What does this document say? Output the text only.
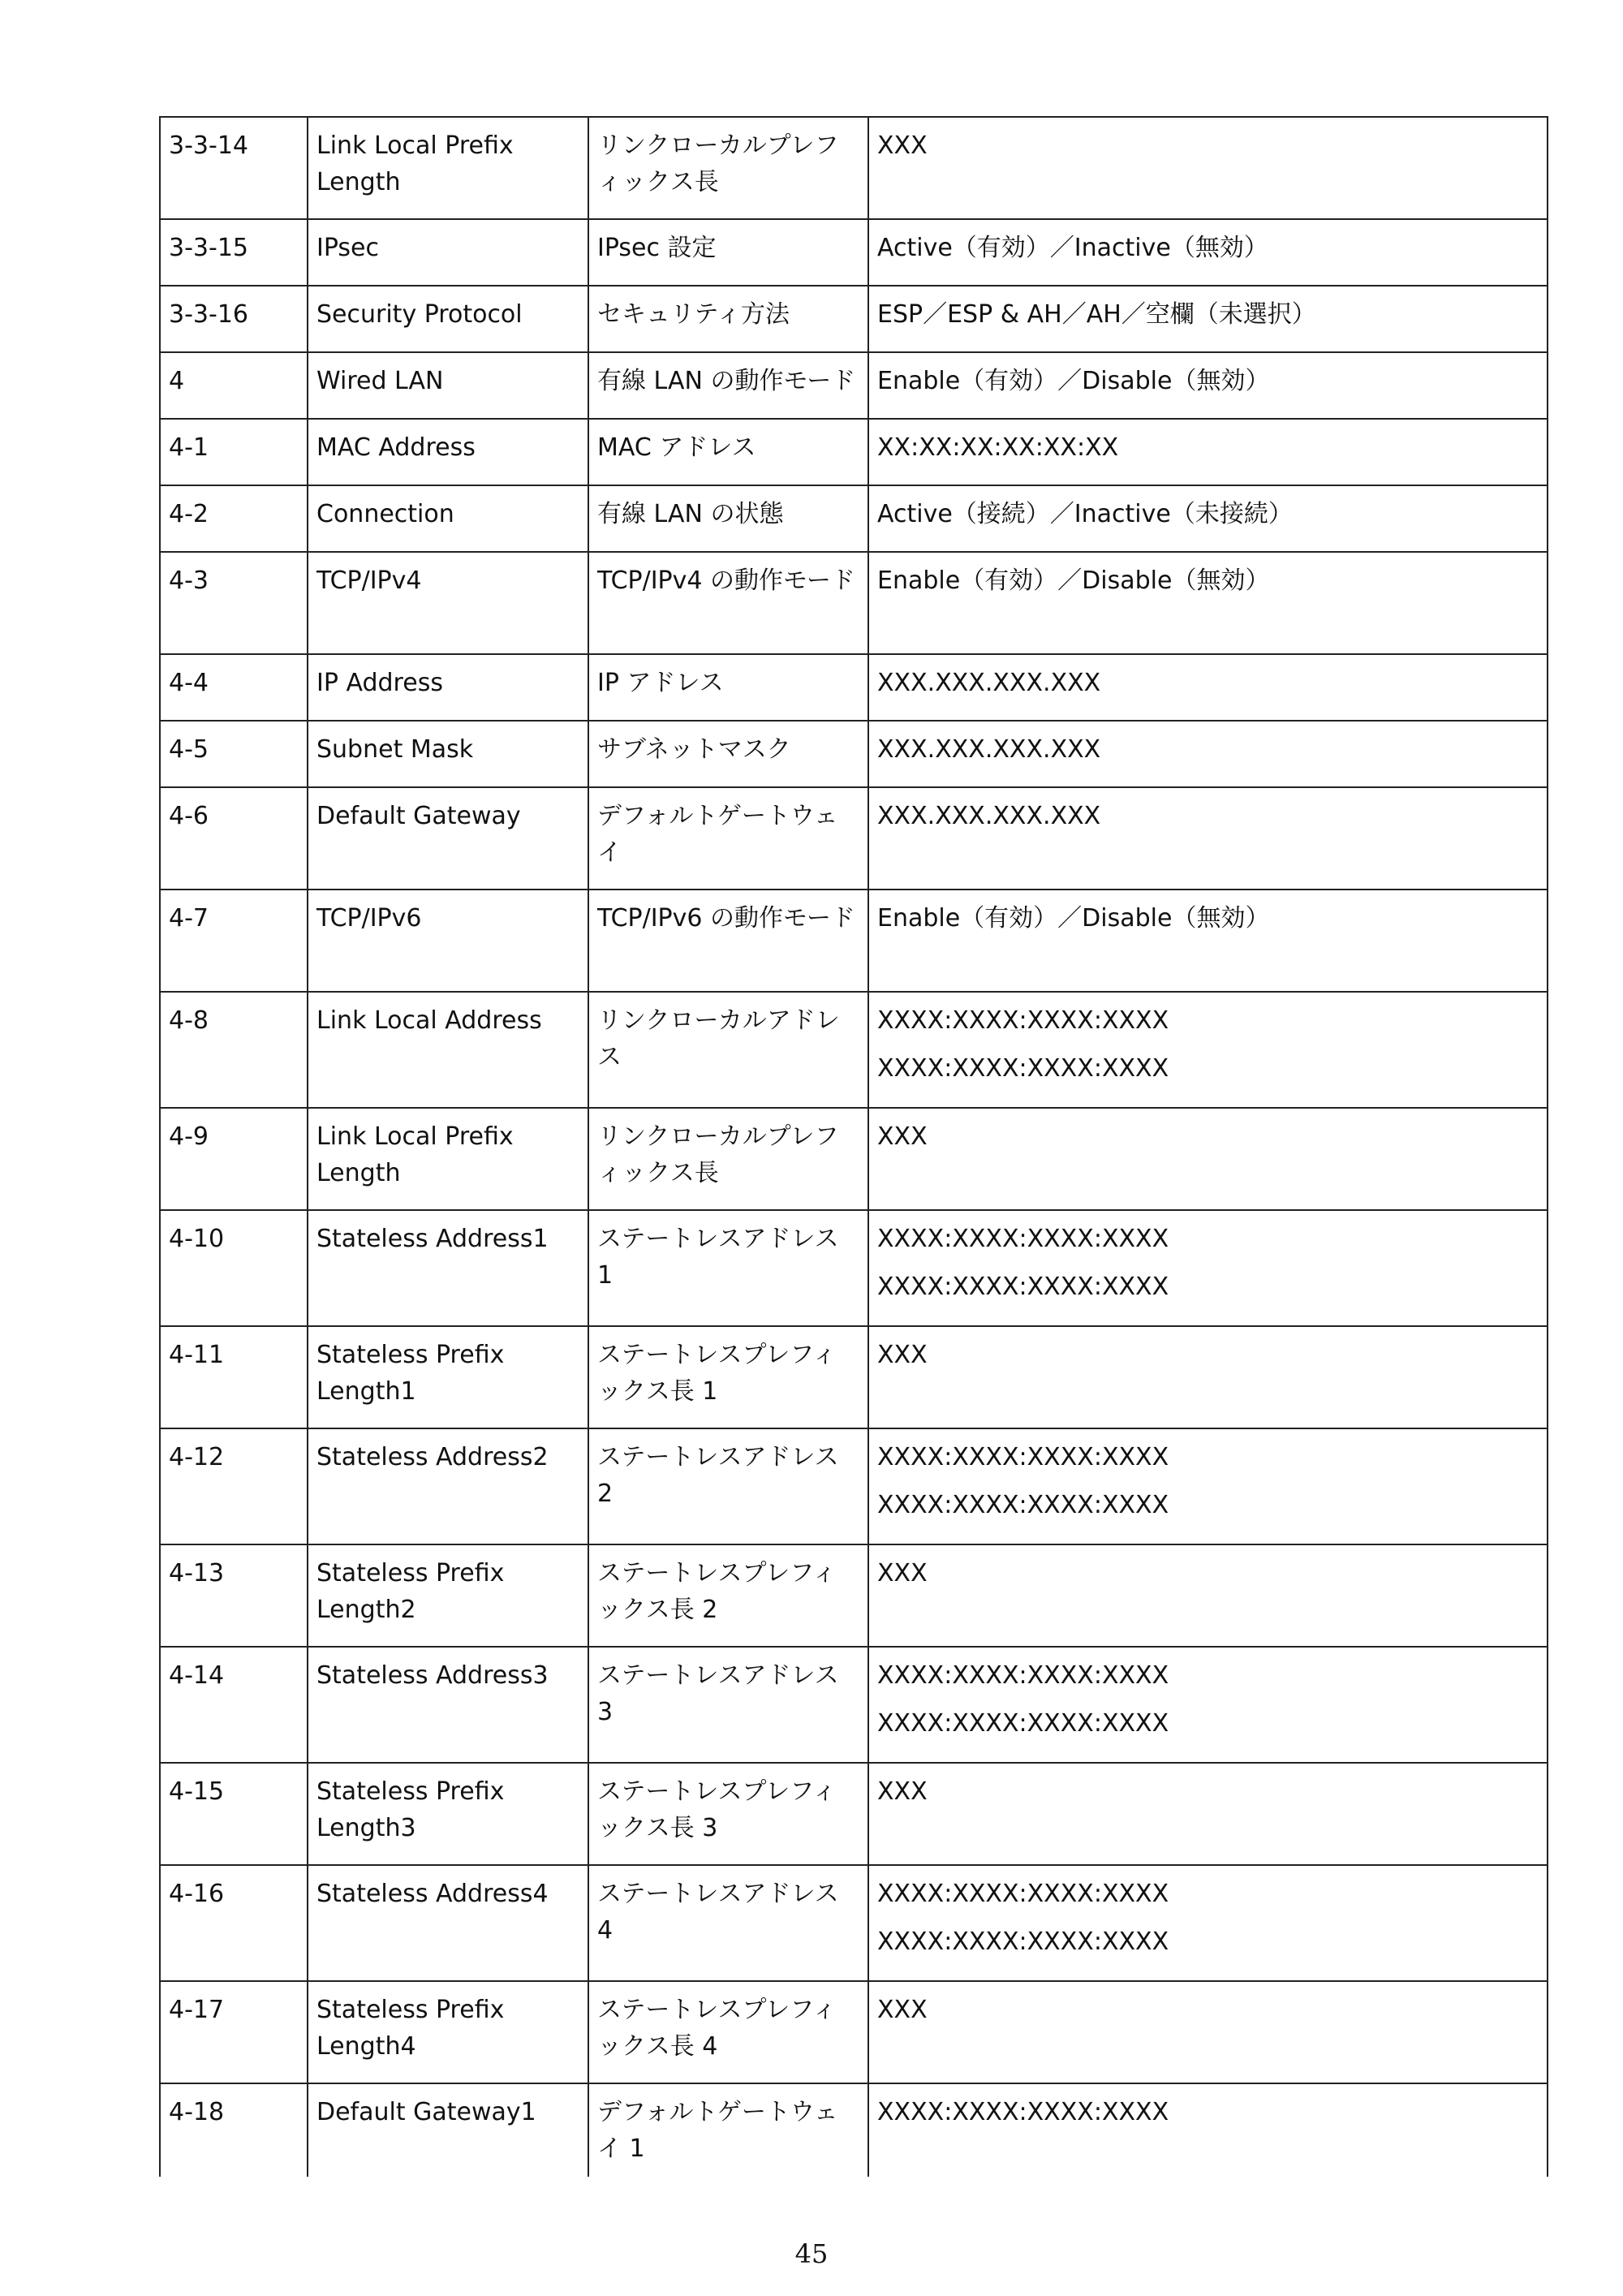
3-3-14	Link Local Prefix Length	リンクローカルプレフィックス長	XXX

3-3-15	IPsec	IPsec 設定	Active（有効）／Inactive（無効）

3-3-16	Security Protocol	セキュリティ方法	ESP／ESP & AH／AH／空欄（未選択）

4	Wired LAN	有線 LAN の動作モード	Enable（有効）／Disable（無効）

4-1	MAC Address	MAC アドレス	XX:XX:XX:XX:XX:XX

4-2	Connection	有線 LAN の状態	Active（接続）／Inactive（未接続）

4-3	TCP/IPv4	TCP/IPv4 の動作モード	Enable（有効）／Disable（無効）

4-4	IP Address	IP アドレス	XXX.XXX.XXX.XXX

4-5	Subnet Mask	サブネットマスク	XXX.XXX.XXX.XXX

4-6	Default Gateway	デフォルトゲートウェイ	XXX.XXX.XXX.XXX

4-7	TCP/IPv6	TCP/IPv6 の動作モード	Enable（有効）／Disable（無効）

4-8	Link Local Address	リンクローカルアドレス	XXXX:XXXX:XXXX:XXXX
XXXX:XXXX:XXXX:XXXX

4-9	Link Local Prefix Length	リンクローカルプレフィックス長	XXX

4-10	Stateless Address1	ステートレスアドレス 1	XXXX:XXXX:XXXX:XXXX
XXXX:XXXX:XXXX:XXXX

4-11	Stateless Prefix Length1	ステートレスプレフィックス長 1	XXX

4-12	Stateless Address2	ステートレスアドレス 2	XXXX:XXXX:XXXX:XXXX
XXXX:XXXX:XXXX:XXXX

4-13	Stateless Prefix Length2	ステートレスプレフィックス長 2	XXX

4-14	Stateless Address3	ステートレスアドレス 3	XXXX:XXXX:XXXX:XXXX
XXXX:XXXX:XXXX:XXXX

4-15	Stateless Prefix Length3	ステートレスプレフィックス長 3	XXX

4-16	Stateless Address4	ステートレスアドレス 4	XXXX:XXXX:XXXX:XXXX
XXXX:XXXX:XXXX:XXXX

4-17	Stateless Prefix Length4	ステートレスプレフィックス長 4	XXX

4-18	Default Gateway1	デフォルトゲートウェイ 1	XXXX:XXXX:XXXX:XXXX
45
